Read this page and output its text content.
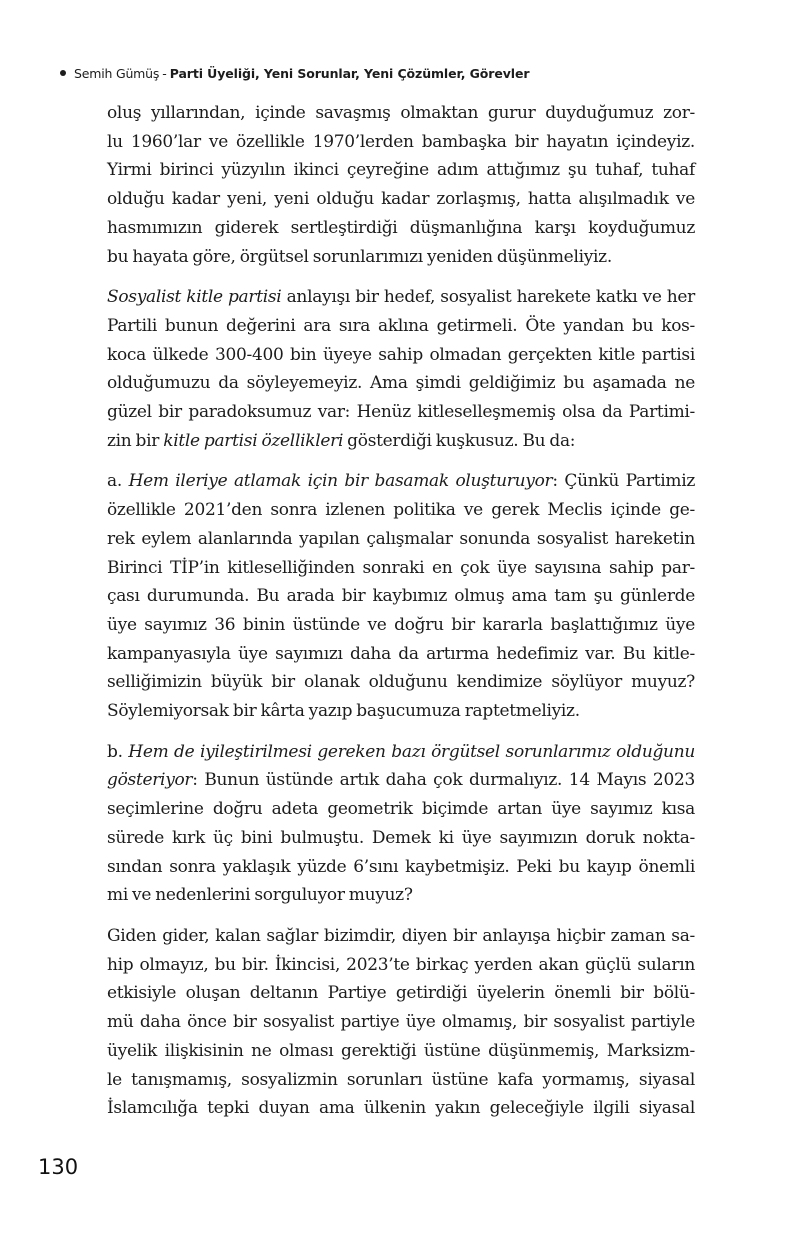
Semih Gümüş - Parti Üyeliği, Yeni Sorunlar, Yeni Çözümler, Görevler

oluş yıllarından, içinde savaşmış olmaktan gurur duyduğumuz zor-
lu 1960’lar ve özellikle 1970’lerden bambaşka bir hayatın içindeyiz.
Yirmi birinci yüzyılın ikinci çeyreğine adım attığımız şu tuhaf, tuhaf
olduğu kadar yeni, yeni olduğu kadar zorlaşmış, hatta alışılmadık ve
hasmımızın giderek sertleştirdiği düşmanlığına karşı koyduğumuz
bu hayata göre, örgütsel sorunlarımızı yeniden düşünmeliyiz.

Sosyalist kitle partisi anlayışı bir hedef, sosyalist harekete katkı ve her
Partili bunun değerini ara sıra aklına getirmeli. Öte yandan bu kos-
koca ülkede 300-400 bin üyeye sahip olmadan gerçekten kitle partisi
olduğumuzu da söyleyemeyiz. Ama şimdi geldiğimiz bu aşamada ne
güzel bir paradoksumuz var: Henüz kitleselleşmemiş olsa da Partimi-
zin bir kitle partisi özellikleri gösterdiği kuşkusuz. Bu da:

a. Hem ileriye atlamak için bir basamak oluşturuyor: Çünkü Partimiz
özellikle 2021’den sonra izlenen politika ve gerek Meclis içinde ge-
rek eylem alanlarında yapılan çalışmalar sonunda sosyalist hareketin
Birinci TİP’in kitleselliğinden sonraki en çok üye sayısına sahip par-
çası durumunda. Bu arada bir kaybımız olmuş ama tam şu günlerde
üye sayımız 36 binin üstünde ve doğru bir kararla başlattığımız üye
kampanyasıyla üye sayımızı daha da artırma hedefimiz var. Bu kitle-
selliğimizin büyük bir olanak olduğunu kendimize söylüyor muyuz?
Söylemiyorsak bir kârta yazıp başucumuza raptetmeliyiz.

b. Hem de iyileştirilmesi gereken bazı örgütsel sorunlarımız olduğunu
gösteriyor: Bunun üstünde artık daha çok durmalıyız. 14 Mayıs 2023
seçimlerine doğru adeta geometrik biçimde artan üye sayımız kısa
sürede kırk üç bini bulmuştu. Demek ki üye sayımızın doruk nokta-
sından sonra yaklaşık yüzde 6’sını kaybetmişiz. Peki bu kayıp önemli
mi ve nedenlerini sorguluyor muyuz?

Giden gider, kalan sağlar bizimdir, diyen bir anlayışa hiçbir zaman sa-
hip olmayız, bu bir. İkincisi, 2023’te birkaç yerden akan güçlü suların
etkisiyle oluşan deltanın Partiye getirdiği üyelerin önemli bir bölü-
mü daha önce bir sosyalist partiye üye olmamış, bir sosyalist partiyle
üyelik ilişkisinin ne olması gerektiği üstüne düşünmemiş, Marksizm-
le tanışmamış, sosyalizmin sorunları üstüne kafa yormamış, siyasal
İslamcılığa tepki duyan ama ülkenin yakın geleceğiyle ilgili siyasal

130
